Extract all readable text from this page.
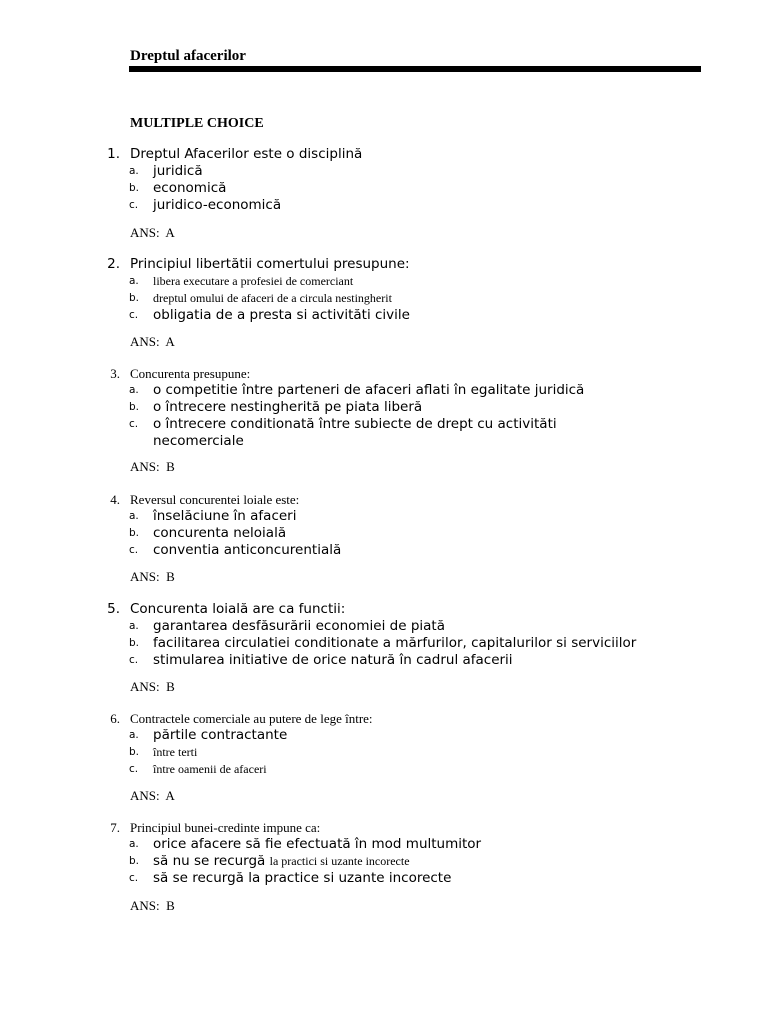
Dreptul afacerilor
MULTIPLE CHOICE
1. Dreptul Afacerilor este o disciplină
a. juridică
b. economică
c. juridico-economică
ANS:  A
2. Principiul libertătii comertului presupune:
a. libera executare a profesiei de comerciant
b. dreptul omului de afaceri de a circula nestingherit
c. obligatia de a presta si activităti civile
ANS:  A
3. Concurenta presupune:
a. o competitie între parteneri de afaceri aflati în egalitate juridică
b. o întrecere nestingherită pe piata liberă
c. o întrecere conditionată între subiecte de drept cu activităti necomerciale
ANS:  B
4. Reversul concurentei loiale este:
a. înselăciune în afaceri
b. concurenta neloială
c. conventia anticoncurentială
ANS:  B
5. Concurenta loială are ca functii:
a. garantarea desfăsurării economiei de piată
b. facilitarea circulatiei conditionate a mărfurilor, capitalurilor si serviciilor
c. stimularea initiative de orice natură în cadrul afacerii
ANS:  B
6. Contractele comerciale au putere de lege între:
a. părtile contractante
b. între terti
c. între oamenii de afaceri
ANS:  A
7. Principiul bunei-credinte impune ca:
a. orice afacere să fie efectuată în mod multumitor
b. să nu se recurgă la practici si uzante incorecte
c. să se recurgă la practice si uzante incorecte
ANS:  B
